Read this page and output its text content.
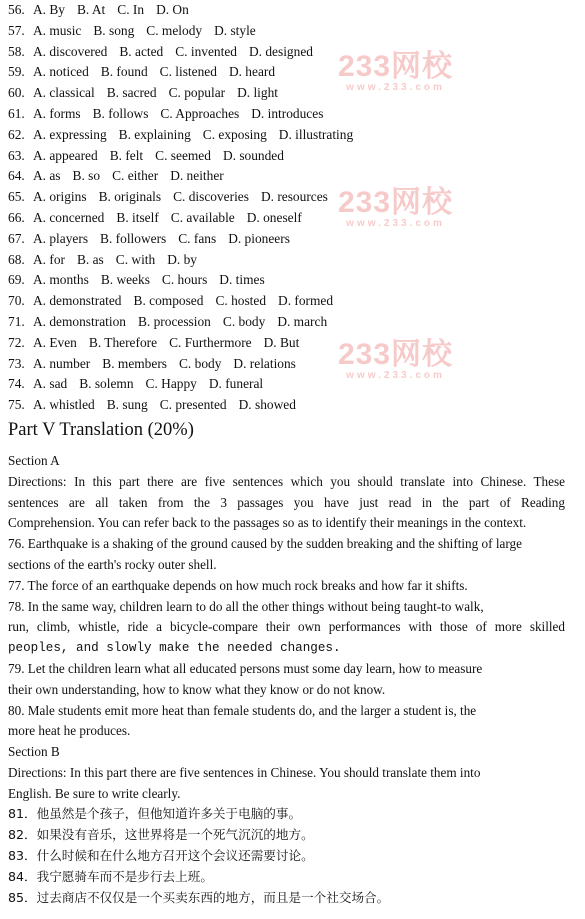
233网校
www.233.com
233网校
www.233.com
233网校
www.233.com
56. A. By B. At C. In D. On
57. A. music B. song C. melody D. style
58. A. discovered B. acted C. invented D. designed
59. A. noticed B. found C. listened D. heard
60. A. classical B. sacred C. popular D. light
61. A. forms B. follows C. Approaches D. introduces
62. A. expressing B. explaining C. exposing D. illustrating
63. A. appeared B. felt C. seemed D. sounded
64. A. as B. so C. either D. neither
65. A. origins B. originals C. discoveries D. resources
66. A. concerned B. itself C. available D. oneself
67. A. players B. followers C. fans D. pioneers
68. A. for B. as C. with D. by
69. A. months B. weeks C. hours D. times
70. A. demonstrated B. composed C. hosted D. formed
71. A. demonstration B. procession C. body D. march
72. A. Even B. Therefore C. Furthermore D. But
73. A. number B. members C. body D. relations
74. A. sad B. solemn C. Happy D. funeral
75. A. whistled B. sung C. presented D. showed
Part V Translation (20%)
Section A
Directions: In this part there are five sentences which you should translate into Chinese. These
sentences are all taken from the 3 passages you have just read in the part of Reading
Comprehension. You can refer back to the passages so as to identify their meanings in the context.
76. Earthquake is a shaking of the ground caused by the sudden breaking and the shifting of large
sections of the earth's rocky outer shell.
77. The force of an earthquake depends on how much rock breaks and how far it shifts.
78. In the same way, children learn to do all the other things without being taught-to walk,
run, climb, whistle, ride a bicycle-compare their own performances with those of more skilled
peoples, and slowly make the needed changes.
79. Let the children learn what all educated persons must some day learn, how to measure
their own understanding, how to know what they know or do not know.
80. Male students emit more heat than female students do, and the larger a student is, the
more heat he produces.
Section B
Directions: In this part there are five sentences in Chinese. You should translate them into
English. Be sure to write clearly.
81．他虽然是个孩子，但他知道许多关于电脑的事。
82．如果没有音乐，这世界将是一个死气沉沉的地方。
83．什么时候和在什么地方召开这个会议还需要讨论。
84．我宁愿骑车而不是步行去上班。
85．过去商店不仅仅是一个买卖东西的地方，而且是一个社交场合。
